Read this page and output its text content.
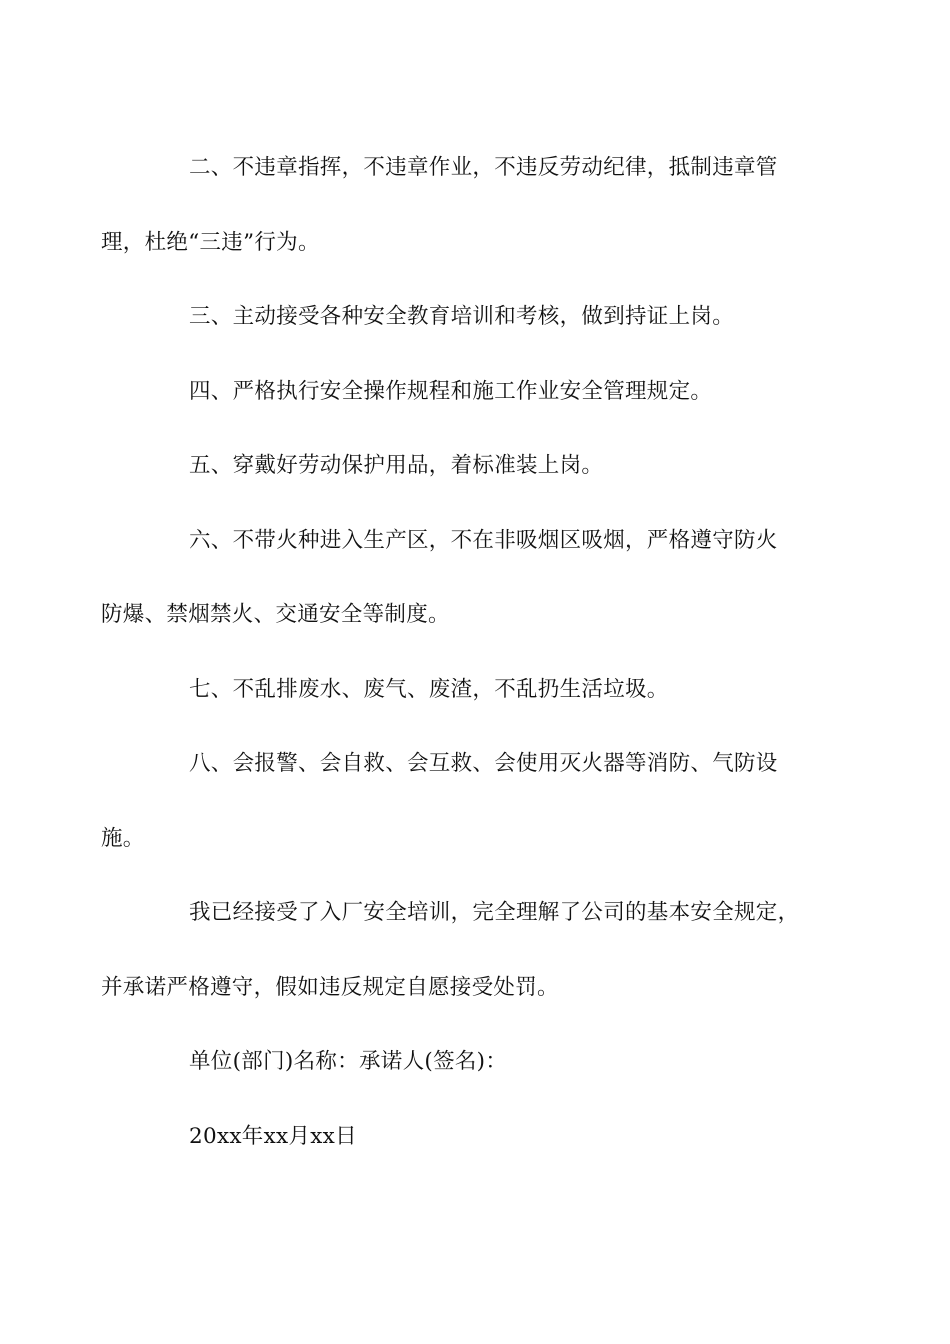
二、不违章指挥，不违章作业，不违反劳动纪律，抵制违章管
理，杜绝“三违”行为。

三、主动接受各种安全教育培训和考核，做到持证上岗。

四、严格执行安全操作规程和施工作业安全管理规定。

五、穿戴好劳动保护用品，着标准装上岗。

六、不带火种进入生产区，不在非吸烟区吸烟，严格遵守防火
防爆、禁烟禁火、交通安全等制度。

七、不乱排废水、废气、废渣，不乱扔生活垃圾。

八、会报警、会自救、会互救、会使用灭火器等消防、气防设
施。

我已经接受了入厂安全培训，完全理解了公司的基本安全规定，
并承诺严格遵守，假如违反规定自愿接受处罚。

单位(部门)名称：承诺人(签名)：

20xx年xx月xx日
